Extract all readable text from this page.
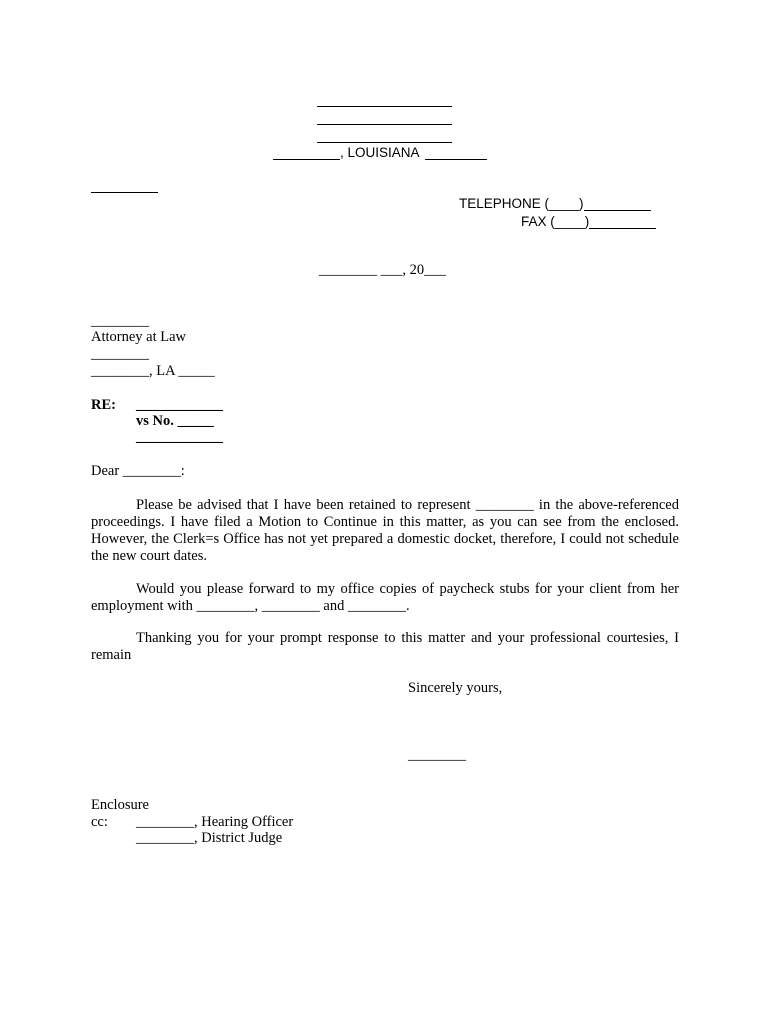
, LOUISIANA
TELEPHONE (____)
FAX (____)
________ ___, 20___
________
Attorney at Law
________
________, LA _____
RE: ____________
vs No. _____
____________
Dear ________:

Please be advised that I have been retained to represent ________ in the above-referenced proceedings. I have filed a Motion to Continue in this matter, as you can see from the enclosed. However, the Clerk=s Office has not yet prepared a domestic docket, therefore, I could not schedule the new court dates.

Would you please forward to my office copies of paycheck stubs for your client from her employment with ________, ________ and ________.

Thanking you for your prompt response to this matter and your professional courtesies, I remain

Sincerely yours,
________
Enclosure
cc: ________, Hearing Officer
________, District Judge
